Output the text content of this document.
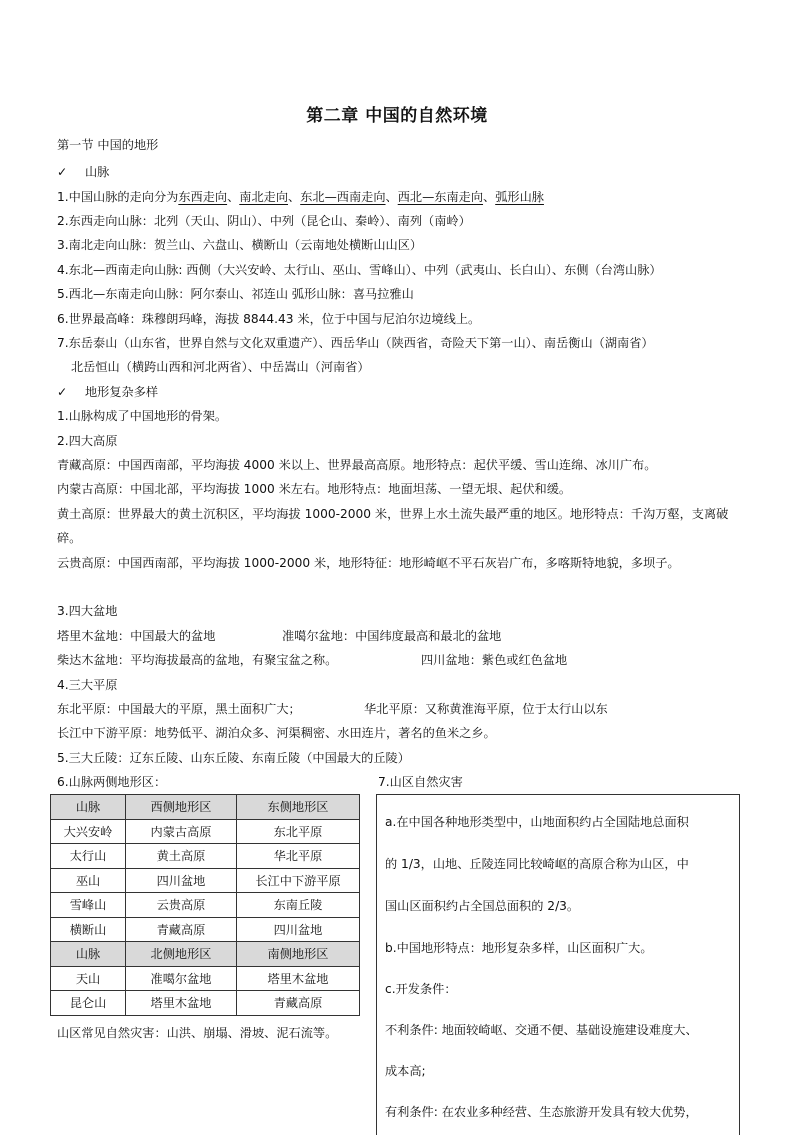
第二章 中国的自然环境
第一节 中国的地形
✓ 山脉
1.中国山脉的走向分为东西走向、南北走向、东北—西南走向、西北—东南走向、弧形山脉
2.东西走向山脉：北列（天山、阴山）、中列（昆仑山、秦岭）、南列（南岭）
3.南北走向山脉：贺兰山、六盘山、横断山（云南地处横断山山区）
4.东北—西南走向山脉: 西侧（大兴安岭、太行山、巫山、雪峰山）、中列（武夷山、长白山）、东侧（台湾山脉）
5.西北—东南走向山脉：阿尔泰山、祁连山 弧形山脉：喜马拉雅山
6.世界最高峰：珠穆朗玛峰，海拔 8844.43 米，位于中国与尼泊尔边境线上。
7.东岳泰山（山东省，世界自然与文化双重遗产）、西岳华山（陕西省，奇险天下第一山）、南岳衡山（湖南省）
北岳恒山（横跨山西和河北两省）、中岳嵩山（河南省）
✓ 地形复杂多样
1.山脉构成了中国地形的骨架。
2.四大高原
青藏高原：中国西南部，平均海拔 4000 米以上、世界最高高原。地形特点：起伏平缓、雪山连绵、冰川广布。
内蒙古高原：中国北部，平均海拔 1000 米左右。地形特点：地面坦荡、一望无垠、起伏和缓。
黄土高原：世界最大的黄土沉积区，平均海拔 1000-2000 米，世界上水土流失最严重的地区。地形特点：千沟万壑，支离破碎。
云贵高原：中国西南部，平均海拔 1000-2000 米，地形特征：地形崎岖不平石灰岩广布，多喀斯特地貌，多坝子。
3.四大盆地
塔里木盆地：中国最大的盆地	准噶尔盆地：中国纬度最高和最北的盆地
柴达木盆地：平均海拔最高的盆地，有聚宝盆之称。	四川盆地：紫色或红色盆地
4.三大平原
东北平原：中国最大的平原，黑土面积广大；	华北平原：又称黄淮海平原，位于太行山以东
长江中下游平原：地势低平、湖泊众多、河渠稠密、水田连片，著名的鱼米之乡。
5.三大丘陵：辽东丘陵、山东丘陵、东南丘陵（中国最大的丘陵）
6.山脉两侧地形区：	7.山区自然灾害
山脉	西侧地形区	东侧地形区
大兴安岭	内蒙古高原	东北平原
太行山	黄土高原	华北平原
巫山	四川盆地	长江中下游平原
雪峰山	云贵高原	东南丘陵
横断山	青藏高原	四川盆地
山脉	北侧地形区	南侧地形区
天山	准噶尔盆地	塔里木盆地
昆仑山	塔里木盆地	青藏高原
山区常见自然灾害：山洪、崩塌、滑坡、泥石流等。
a.在中国各种地形类型中，山地面积约占全国陆地总面积
的 1/3，山地、丘陵连同比较崎岖的高原合称为山区，中
国山区面积约占全国总面积的 2/3。
b.中国地形特点：地形复杂多样，山区面积广大。
c.开发条件：
不利条件: 地面较崎岖、交通不便、基础设施建设难度大、
成本高;
有利条件: 在农业多种经营、生态旅游开发具有较大优势，
